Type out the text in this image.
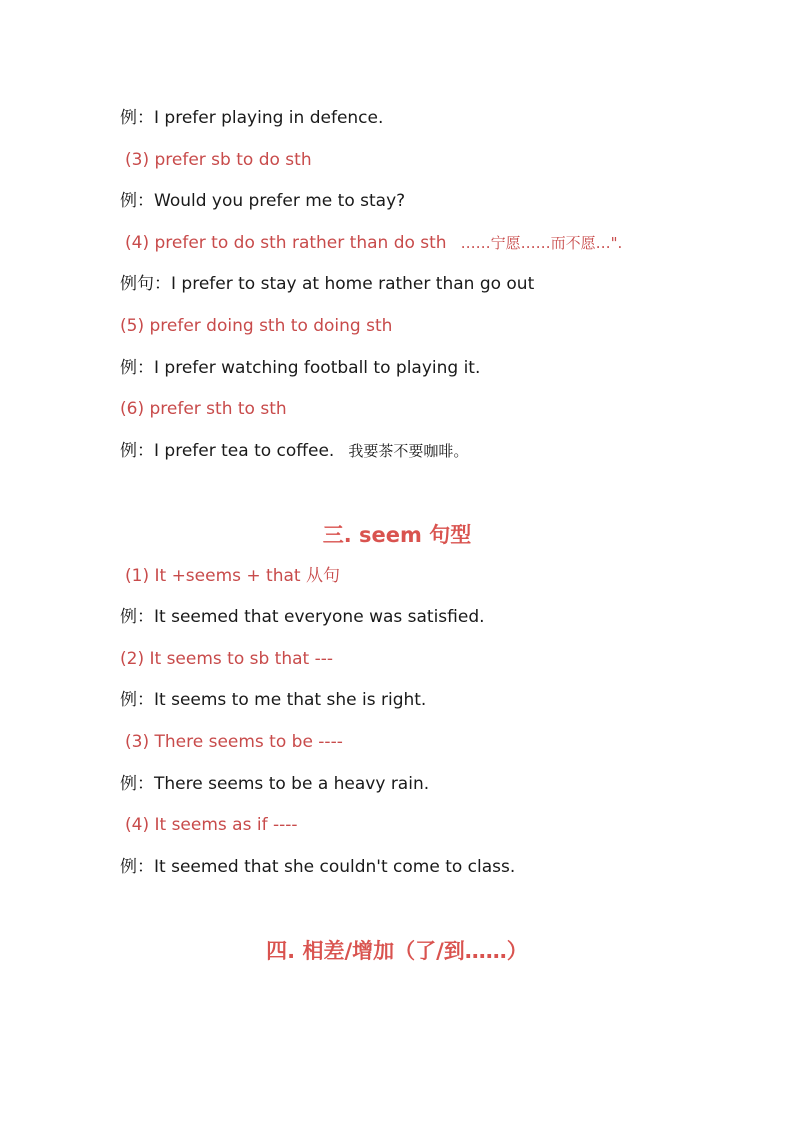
例：I prefer playing in defence.
(3) prefer sb to do sth
例：Would you prefer me to stay?
(4) prefer to do sth rather than do sth ……宁愿……而不愿…".
例句：I prefer to stay at home rather than go out
(5) prefer doing sth to doing sth
例：I prefer watching football to playing it.
(6) prefer sth to sth
例：I prefer tea to coffee. 我要茶不要咖啡。
三. seem 句型
(1) It +seems + that 从句
例：It seemed that everyone was satisfied.
(2) It seems to sb that ---
例：It seems to me that she is right.
(3) There seems to be ----
例：There seems to be a heavy rain.
(4) It seems as if ----
例：It seemed that she couldn't come to class.
四. 相差/增加（了/到……）
